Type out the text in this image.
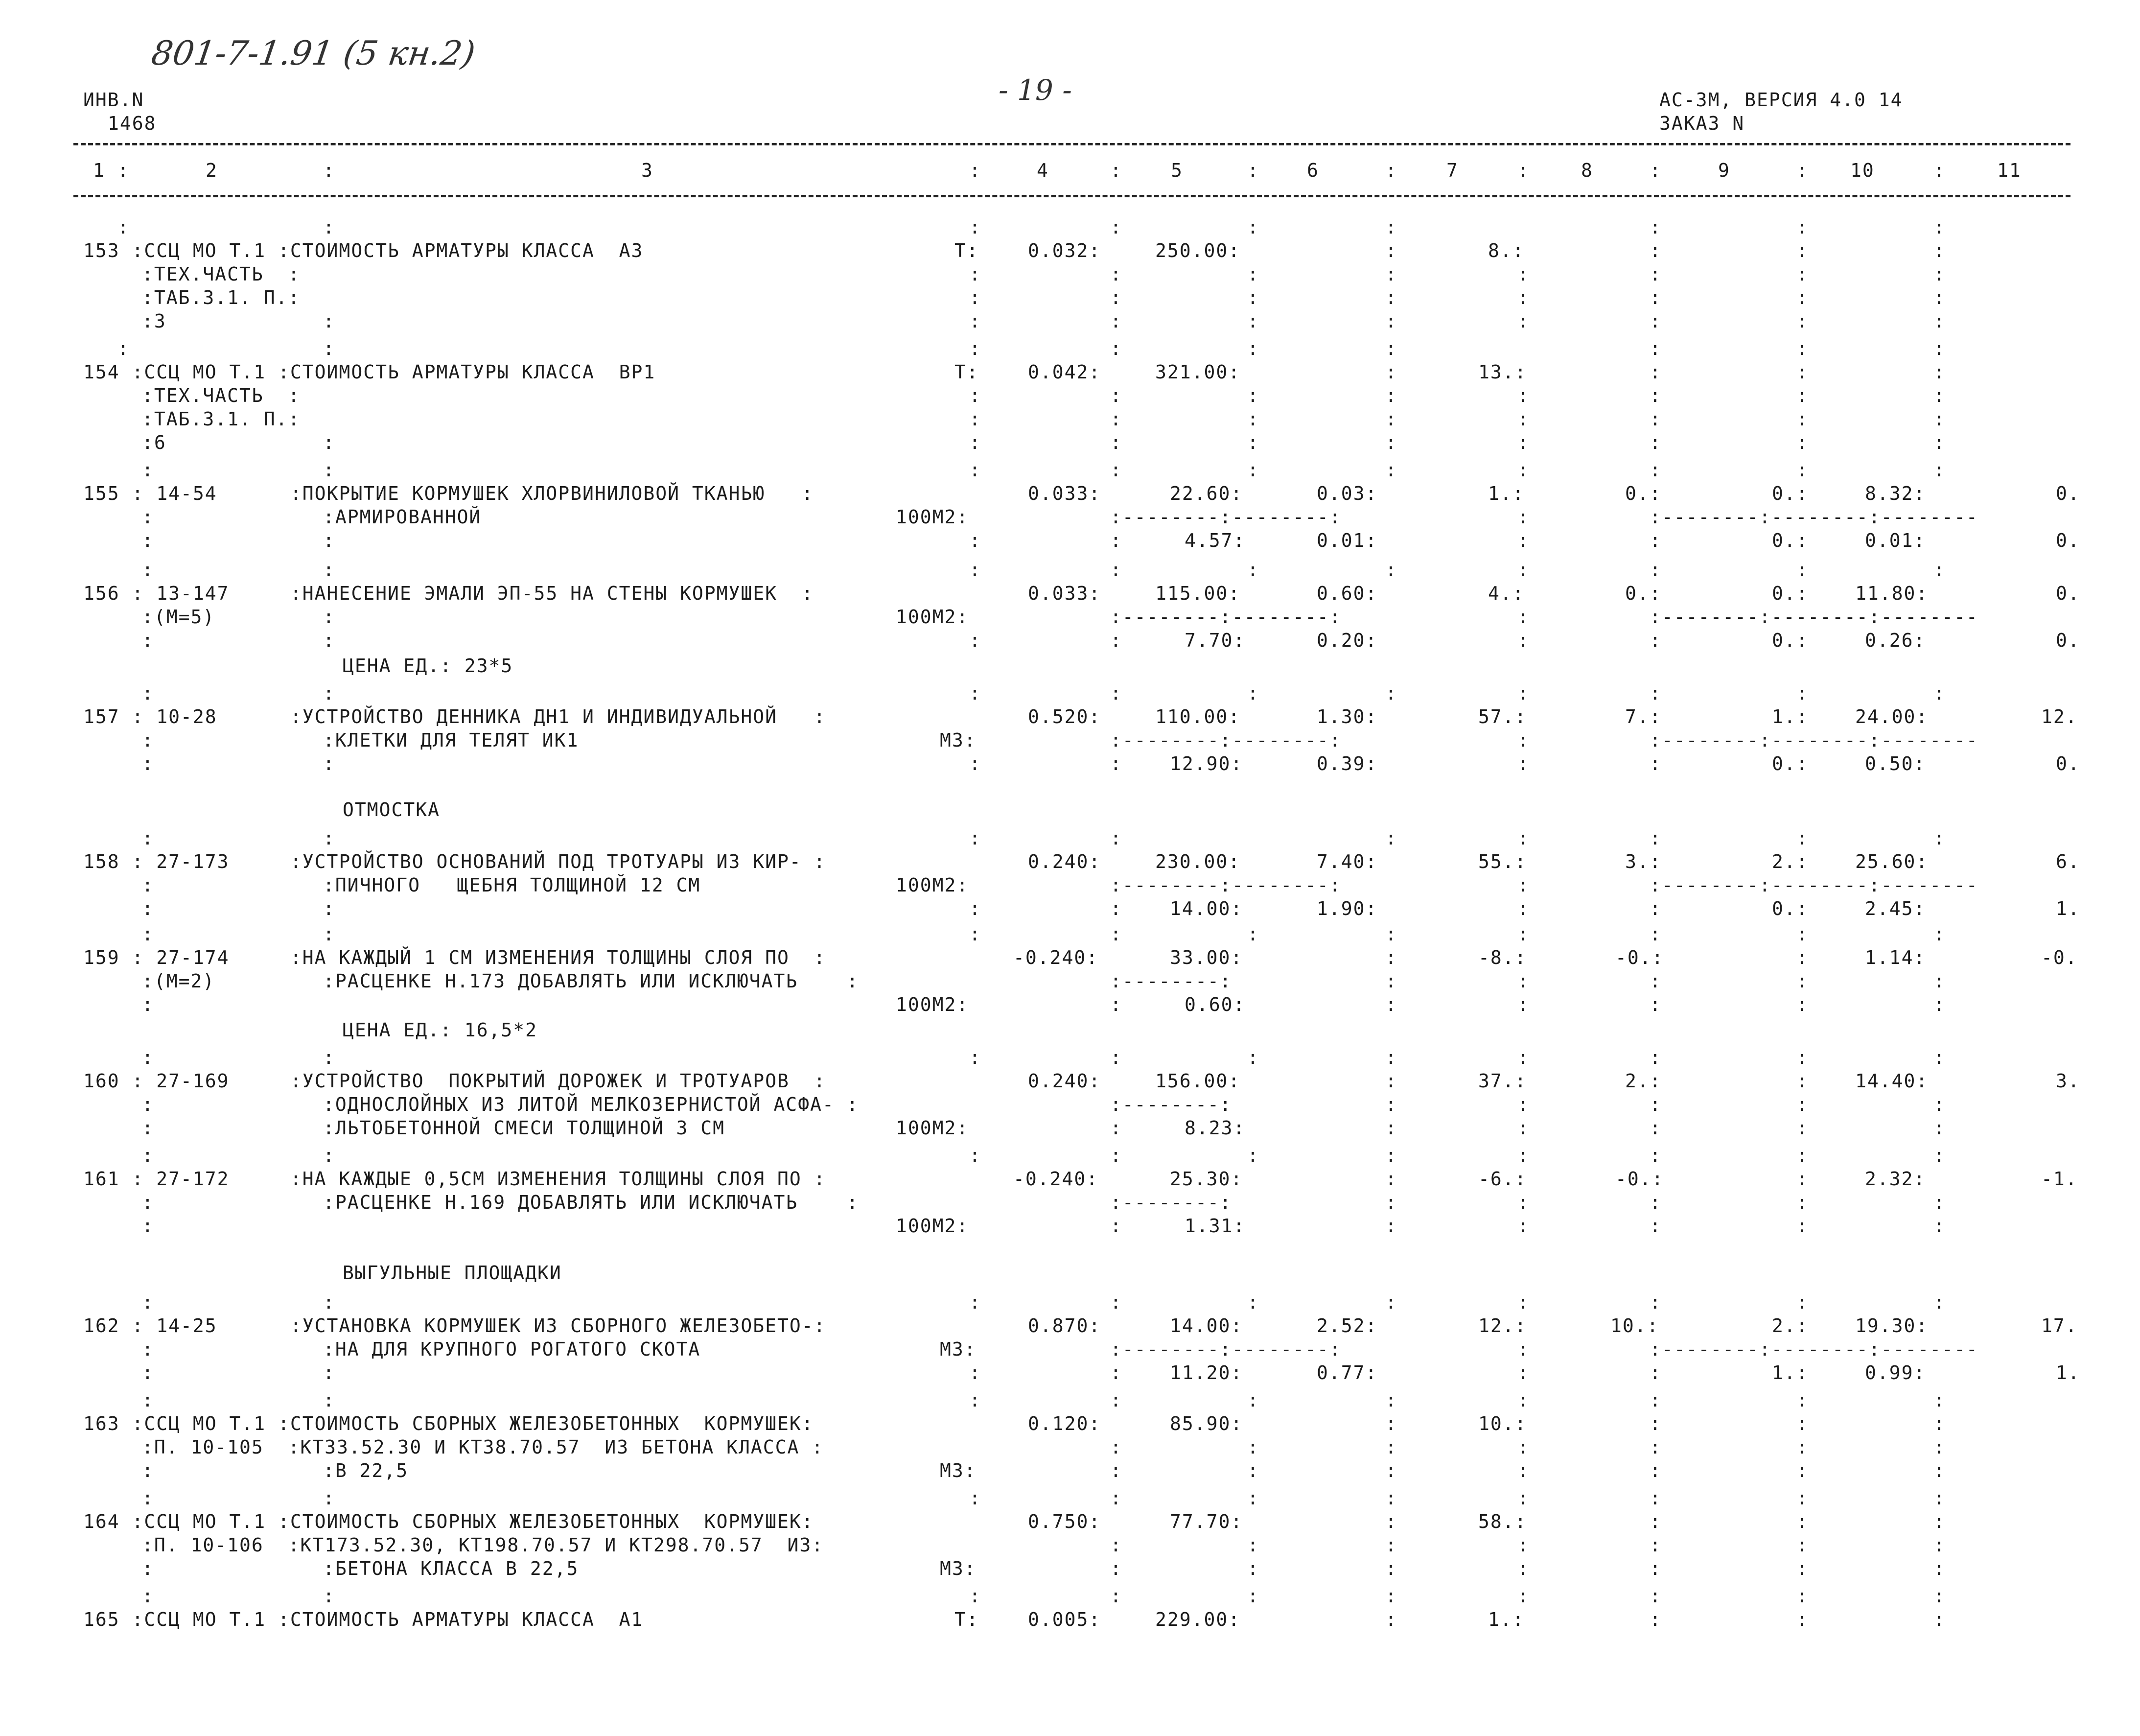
801-7-1.91 (5 кн.2)
- 19 -
ИНВ.N
1468
АС-ЗМ, ВЕРСИЯ 4.0 14
ЗАКАЗ N
1 :	2	:	3	:	4	:	5	:	6	:	7	:	8	:	9	: 10	:	11
:	:	:	:	:	:	:	:	:
153 :ССЦ МО Т.1 :СТОИМОСТЬ АРМАТУРЫ КЛАССА  А3	Т:	0.032:	250.00:	:	8.:	:	:	:
:ТЕХ.ЧАСТЬ  :	:	:	:	:	:	:	:	:
:ТАБ.3.1. П.:	:	:	:	:	:	:	:	:
:3	:	:	:	:	:	:	:	:	:
:	:	:	:	:	:	:	:	:
154 :ССЦ МО Т.1 :СТОИМОСТЬ АРМАТУРЫ КЛАССА  ВР1	Т:	0.042:	321.00:	:	13.:	:	:	:
:ТЕХ.ЧАСТЬ  :	:	:	:	:	:	:	:	:
:ТАБ.3.1. П.:	:	:	:	:	:	:	:	:
:6	:	:	:	:	:	:	:	:	:
:	:	:	:	:	:	:	:	:	:
155 : 14-54      :ПОКРЫТИЕ КОРМУШЕК ХЛОРВИНИЛОВОЙ ТКАНЬЮ   :	0.033:	22.60:	0.03:	1.:	0.:	0.:	8.32:	0.
:	:АРМИРОВАННОЙ	100М2:	:--------:--------:	:	:--------:--------:--------
:	:	:	:	4.57:	0.01:	:	:	0.:	0.01:	0.
:	:	:	:	:	:	:	:	:	:
156 : 13-147     :НАНЕСЕНИЕ ЭМАЛИ ЭП-55 НА СТЕНЫ КОРМУШЕК  :	0.033:	115.00:	0.60:	4.:	0.:	0.:	11.80:	0.
:(М=5)	:	100М2:	:--------:--------:	:	:--------:--------:--------
:	:	:	:	7.70:	0.20:	:	:	0.:	0.26:	0.
ЦЕНА ЕД.: 23*5
:	:	:	:	:	:	:	:	:	:
157 : 10-28      :УСТРОЙСТВО ДЕННИКА ДН1 И ИНДИВИДУАЛЬНОЙ   :	0.520:	110.00:	1.30:	57.:	7.:	1.:	24.00:	12.
:	:КЛЕТКИ ДЛЯ ТЕЛЯТ ИК1	М3:	:--------:--------:	:	:--------:--------:--------
:	:	:	:	12.90:	0.39:	:	:	0.:	0.50:	0.
ОТМОСТКА
:	:	:	:	:	:	:	:	:
158 : 27-173     :УСТРОЙСТВО ОСНОВАНИЙ ПОД ТРОТУАРЫ ИЗ КИР- :	0.240:	230.00:	7.40:	55.:	3.:	2.:	25.60:	6.
:	:ПИЧНОГО   ЩЕБНЯ ТОЛЩИНОЙ 12 СМ	100М2:	:--------:--------:	:	:--------:--------:--------
:	:	:	:	14.00:	1.90:	:	:	0.:	2.45:	1.
:	:	:	:	:	:	:	:	:	:
159 : 27-174     :НА КАЖДЫЙ 1 СМ ИЗМЕНЕНИЯ ТОЛЩИНЫ СЛОЯ ПО  :	-0.240:	33.00:	:	-8.:	-0.:	:	1.14:	-0.
:(М=2)	:РАСЦЕНКЕ Н.173 ДОБАВЛЯТЬ ИЛИ ИСКЛЮЧАТЬ    :	:--------:	:	:	:	:	:
:	100М2:	:	0.60:	:	:	:	:	:
ЦЕНА ЕД.: 16,5*2
:	:	:	:	:	:	:	:	:	:
160 : 27-169     :УСТРОЙСТВО  ПОКРЫТИЙ ДОРОЖЕК И ТРОТУАРОВ  :	0.240:	156.00:	:	37.:	2.:	:	14.40:	3.
:	:ОДНОСЛОЙНЫХ ИЗ ЛИТОЙ МЕЛКОЗЕРНИСТОЙ АСФА- :	:--------:	:	:	:	:	:
:	:ЛЬТОБЕТОННОЙ СМЕСИ ТОЛЩИНОЙ 3 СМ	100М2:	:	8.23:	:	:	:	:	:
:	:	:	:	:	:	:	:	:	:
161 : 27-172     :НА КАЖДЫЕ 0,5СМ ИЗМЕНЕНИЯ ТОЛЩИНЫ СЛОЯ ПО :	-0.240:	25.30:	:	-6.:	-0.:	:	2.32:	-1.
:	:РАСЦЕНКЕ Н.169 ДОБАВЛЯТЬ ИЛИ ИСКЛЮЧАТЬ    :	:--------:	:	:	:	:	:
:	100М2:	:	1.31:	:	:	:	:	:
ВЫГУЛЬНЫЕ ПЛОЩАДКИ
:	:	:	:	:	:	:	:	:	:
162 : 14-25      :УСТАНОВКА КОРМУШЕК ИЗ СБОРНОГО ЖЕЛЕЗОБЕТО-:	0.870:	14.00:	2.52:	12.:	10.:	2.:	19.30:	17.
:	:НА ДЛЯ КРУПНОГО РОГАТОГО СКОТА	М3:	:--------:--------:	:	:--------:--------:--------
:	:	:	:	11.20:	0.77:	:	:	1.:	0.99:	1.
:	:	:	:	:	:	:	:	:	:
163 :ССЦ МО Т.1 :СТОИМОСТЬ СБОРНЫХ ЖЕЛЕЗОБЕТОННЫХ  КОРМУШЕК:	0.120:	85.90:	:	10.:	:	:	:
:П. 10-105  :КТ33.52.30 И КТ38.70.57  ИЗ БЕТОНА КЛАССА :	:	:	:	:	:	:	:
:	:В 22,5	М3:	:	:	:	:	:	:	:
:	:	:	:	:	:	:	:	:	:
164 :ССЦ МО Т.1 :СТОИМОСТЬ СБОРНЫХ ЖЕЛЕЗОБЕТОННЫХ  КОРМУШЕК:	0.750:	77.70:	:	58.:	:	:	:
:П. 10-106  :КТ173.52.30, КТ198.70.57 И КТ298.70.57  ИЗ:	:	:	:	:	:	:	:
:	:БЕТОНА КЛАССА В 22,5	М3:	:	:	:	:	:	:	:
:	:	:	:	:	:	:	:	:	:
165 :ССЦ МО Т.1 :СТОИМОСТЬ АРМАТУРЫ КЛАССА  А1	Т:	0.005:	229.00:	:	1.:	:	:	:
